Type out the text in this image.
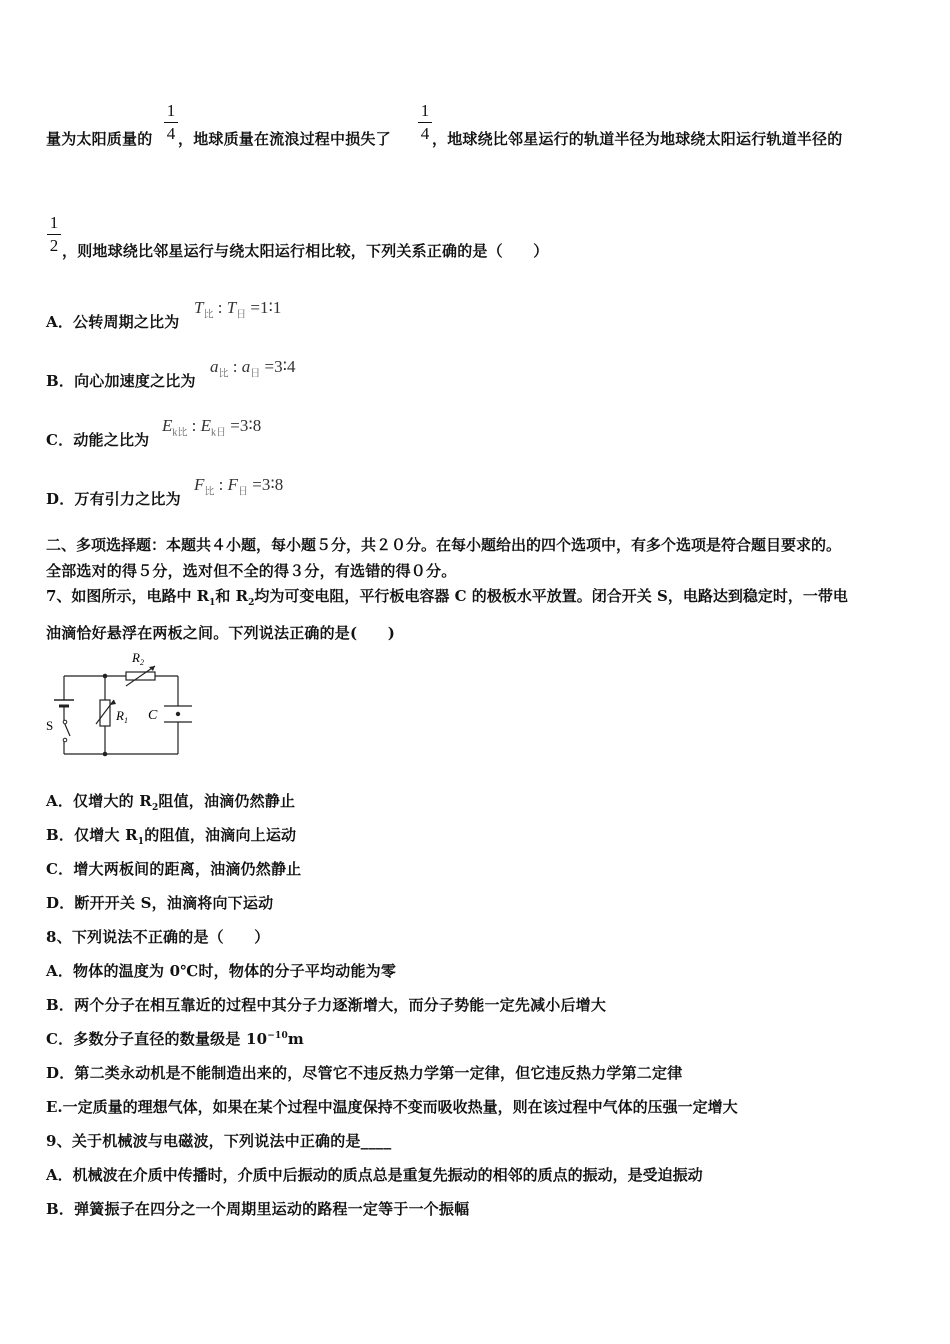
量为太阳质量的
1
4 ，地球质量在流浪过程中损失了
1
4 ，地球绕比邻星运行的轨道半径为地球绕太阳运行轨道半径的
1
2 ，则地球绕比邻星运行与绕太阳运行相比较，下列关系正确的是（　　）
A．公转周期之比为
$T_比$ : $T_日$ =1∶1
B．向心加速度之比为
$a_比$ : $a_日$ =3∶4
C．动能之比为
$E_{k比}$ : $E_{k日}$ =3∶8
D．万有引力之比为
$F_比$ : $F_日$ =3∶8
二、多项选择题：本题共４小题，每小题５分，共２０分。在每小题给出的四个选项中，有多个选项是符合题目要求的。
全部选对的得５分，选对但不全的得３分，有选错的得０分。
7、如图所示，电路中 $R_1$和 $R_2$均为可变电阻，平行板电容器 C 的极板水平放置。闭合开关 S，电路达到稳定时，一带电
油滴恰好悬浮在两板之间。下列说法正确的是(　　)
$R_2$
$R_1$ C
S
A．仅增大的 $R_2$阻值，油滴仍然静止
B．仅增大 $R_1$的阻值，油滴向上运动
C．增大两板间的距离，油滴仍然静止
D．断开开关 S，油滴将向下运动
8、下列说法不正确的是（　　）
A．物体的温度为 0℃时，物体的分子平均动能为零
B．两个分子在相互靠近的过程中其分子力逐渐增大，而分子势能一定先减小后增大
C．多数分子直径的数量级是 $10^{-10}m$
D．第二类永动机是不能制造出来的，尽管它不违反热力学第一定律，但它违反热力学第二定律
E.一定质量的理想气体，如果在某个过程中温度保持不变而吸收热量，则在该过程中气体的压强一定增大
9、关于机械波与电磁波，下列说法中正确的是____
A．机械波在介质中传播时，介质中后振动的质点总是重复先振动的相邻的质点的振动，是受迫振动
B．弹簧振子在四分之一个周期里运动的路程一定等于一个振幅
